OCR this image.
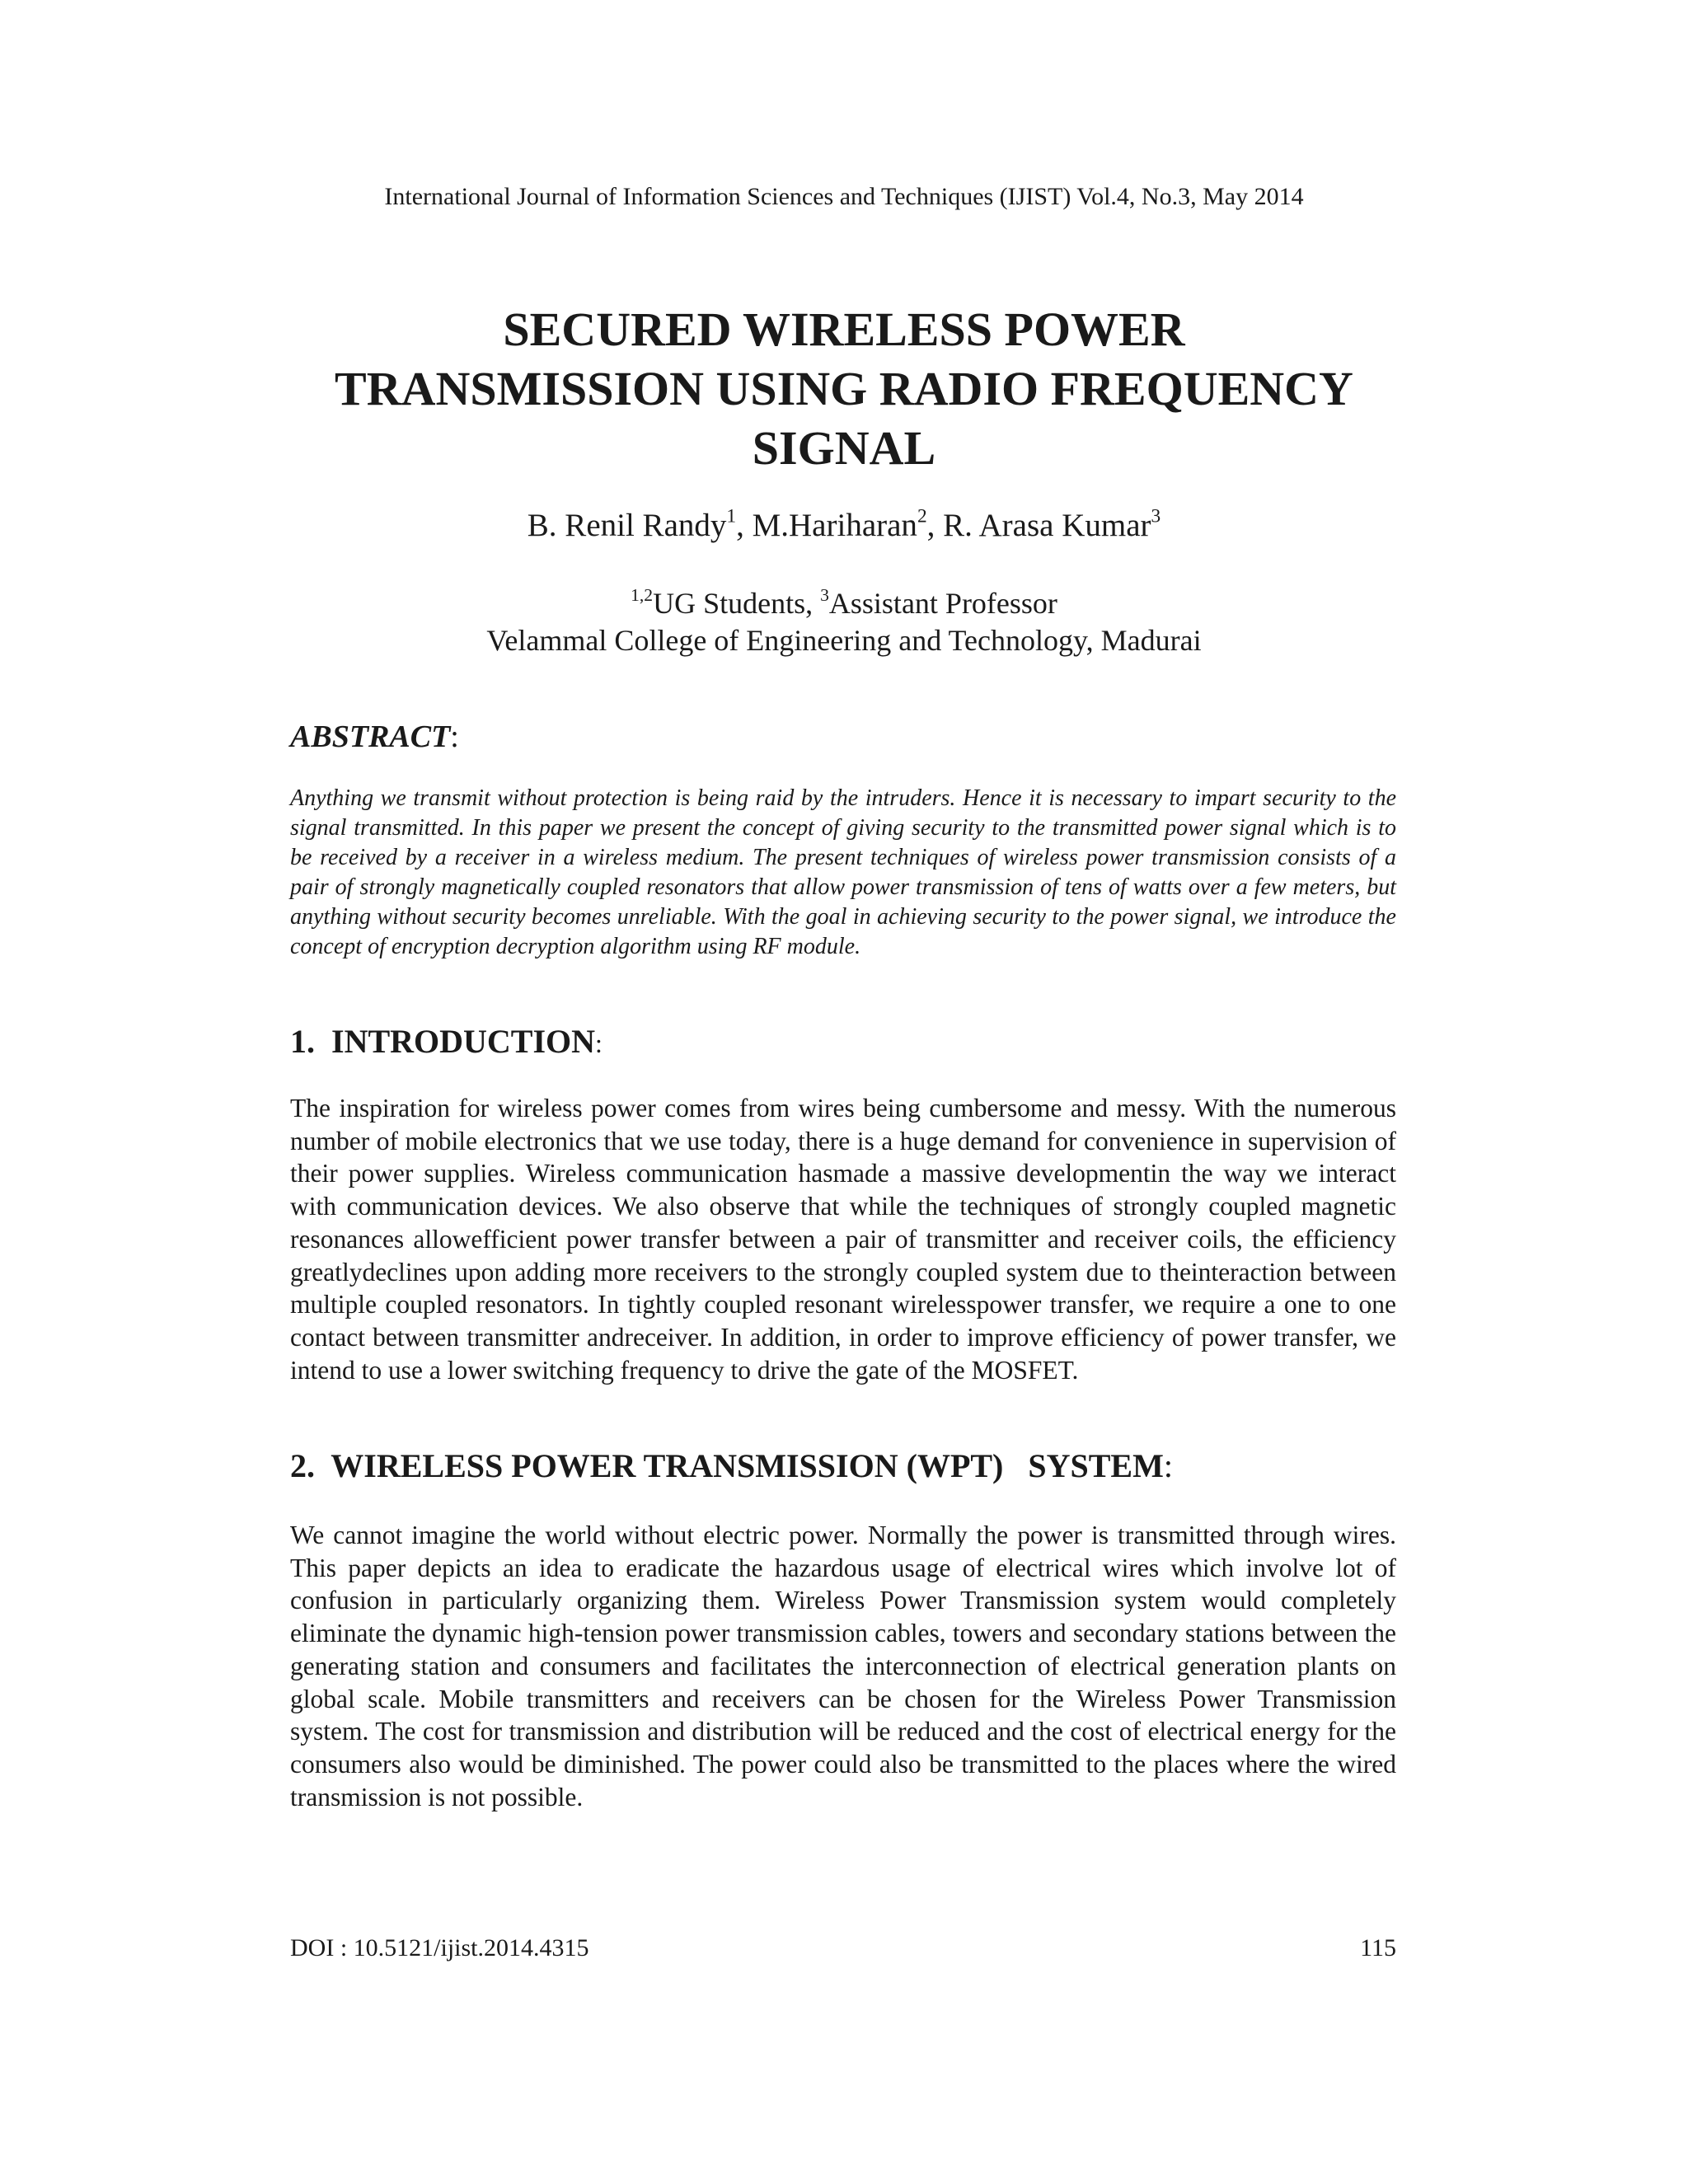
International Journal of Information Sciences and Techniques (IJIST) Vol.4, No.3, May 2014
SECURED WIRELESS POWER
TRANSMISSION USING RADIO FREQUENCY
SIGNAL
B. Renil Randy$^1$, M.Hariharan$^2$, R. Arasa Kumar$^3$
$^{1,2}$UG Students, $^3$Assistant Professor
Velammal College of Engineering and Technology, Madurai
ABSTRACT:
Anything we transmit without protection is being raid by the intruders. Hence it is necessary to impart security to the signal transmitted. In this paper we present the concept of giving security to the transmitted power signal which is to be received by a receiver in a wireless medium. The present techniques of wireless power transmission consists of a pair of strongly magnetically coupled resonators that allow power transmission of tens of watts over a few meters, but anything without security becomes unreliable. With the goal in achieving security to the power signal, we introduce the concept of encryption decryption algorithm using RF module.
1.  INTRODUCTION:
The inspiration for wireless power comes from wires being cumbersome and messy. With the numerous number of mobile electronics that we use today, there is a huge demand for convenience in supervision of their power supplies. Wireless communication hasmade a massive developmentin the way we interact with communication devices. We also observe that while the techniques of strongly coupled magnetic resonances allowefficient power transfer between a pair of transmitter and receiver coils, the efficiency greatlydeclines upon adding more receivers to the strongly coupled system due to theinteraction between multiple coupled resonators. In tightly coupled resonant wirelesspower transfer, we require a one to one contact between transmitter andreceiver. In addition, in order to improve efficiency of power transfer, we intend to use a lower switching frequency to drive the gate of the MOSFET.
2.  WIRELESS POWER TRANSMISSION (WPT)   SYSTEM:
We cannot imagine the world without electric power. Normally the power is transmitted through wires. This paper depicts an idea to eradicate the hazardous usage of electrical wires which involve lot of confusion in particularly organizing them. Wireless Power Transmission system would completely eliminate the dynamic high-tension power transmission cables, towers and secondary stations between the generating station and consumers and facilitates the interconnection of electrical generation plants on global scale. Mobile transmitters and receivers can be chosen for the Wireless Power Transmission system. The cost for transmission and distribution will be reduced and the cost of electrical energy for the consumers also would be diminished. The power could also be transmitted to the places where the wired transmission is not possible.
DOI : 10.5121/ijist.2014.4315	115
